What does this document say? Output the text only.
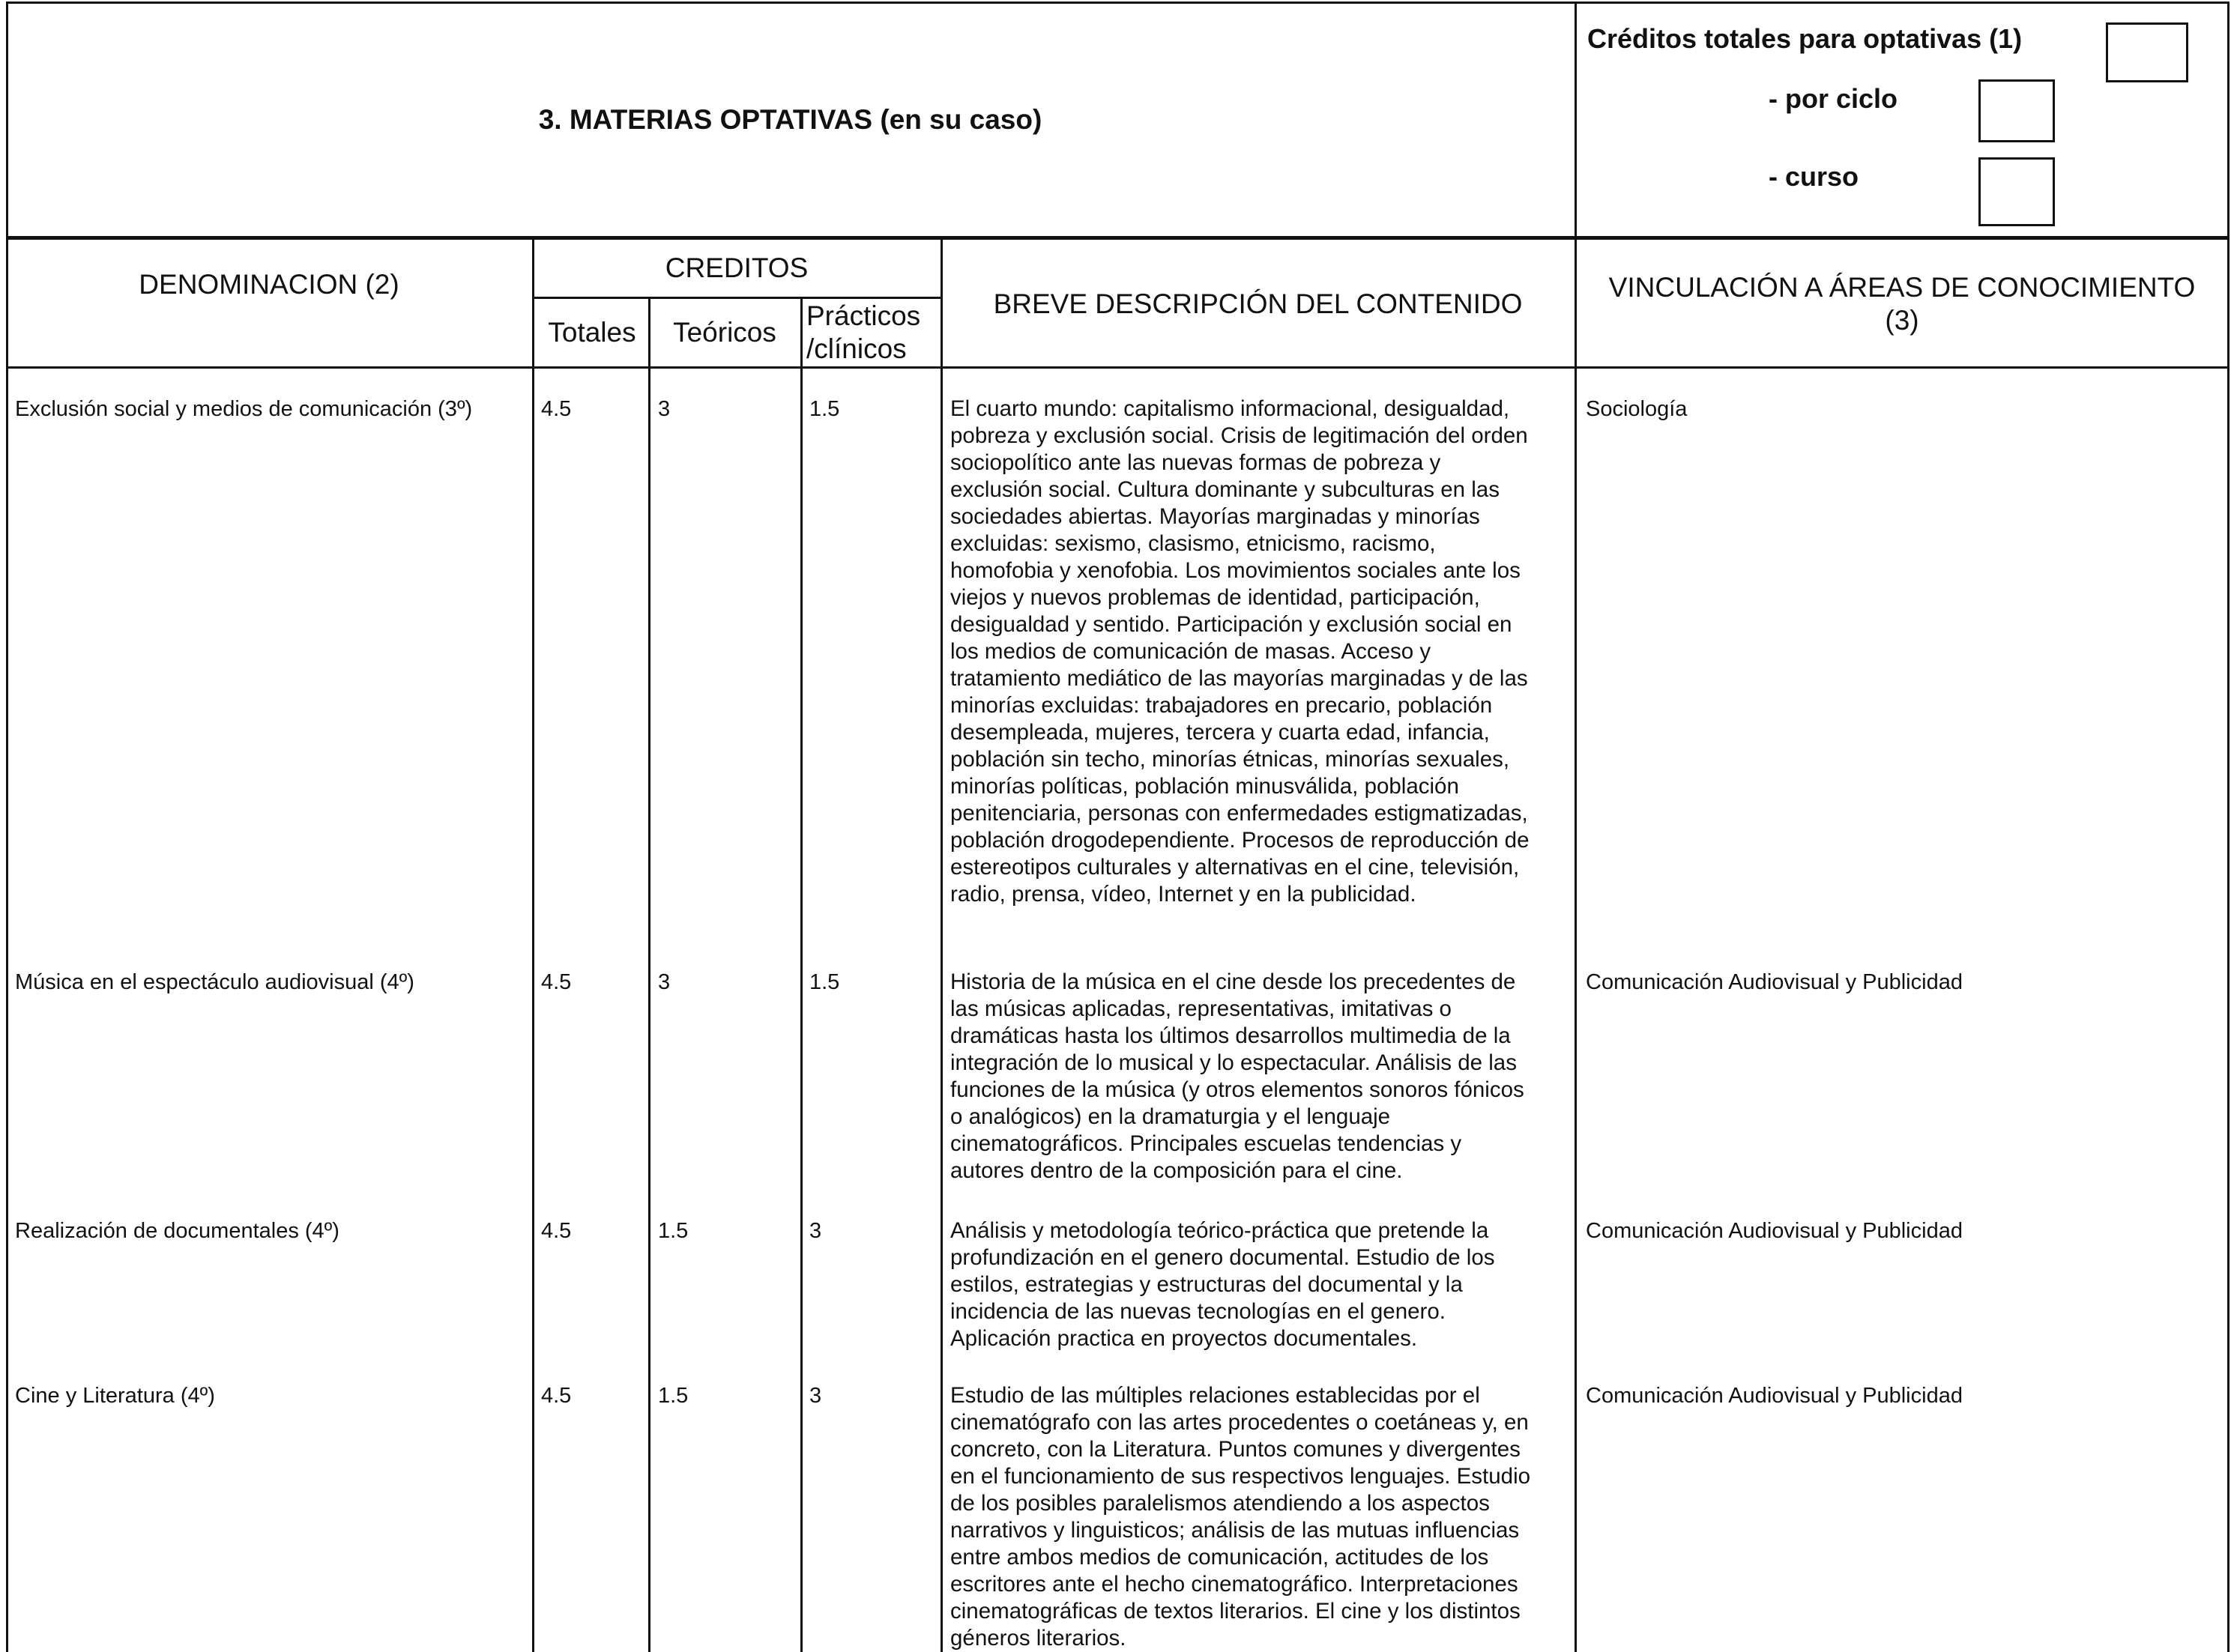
3. MATERIAS OPTATIVAS (en su caso)
Créditos totales para optativas (1)
- por ciclo
- curso
DENOMINACION (2)
CREDITOS
Totales	Teóricos
Prácticos
/clínicos
BREVE DESCRIPCIÓN DEL CONTENIDO
VINCULACIÓN A ÁREAS DE CONOCIMIENTO
(3)
Exclusión social y medios de comunicación (3º)	4.5	3	1.5	El cuarto mundo: capitalismo informacional, desigualdad,
pobreza y exclusión social. Crisis de legitimación del orden
sociopolítico ante las nuevas formas de pobreza y
exclusión social. Cultura dominante y subculturas en las
sociedades abiertas. Mayorías marginadas y minorías
excluidas: sexismo, clasismo, etnicismo, racismo,
homofobia y xenofobia. Los movimientos sociales ante los
viejos y nuevos problemas de identidad, participación,
desigualdad y sentido. Participación y exclusión social en
los medios de comunicación de masas. Acceso y
tratamiento mediático de las mayorías marginadas y de las
minorías excluidas: trabajadores en precario, población
desempleada, mujeres, tercera y cuarta edad, infancia,
población sin techo, minorías étnicas, minorías sexuales,
minorías políticas, población minusválida, población
penitenciaria, personas con enfermedades estigmatizadas,
población drogodependiente. Procesos de reproducción de
estereotipos culturales y alternativas en el cine, televisión,
radio, prensa, vídeo, Internet y en la publicidad.
Sociología
Música en el espectáculo audiovisual (4º)	4.5	3	1.5	Historia de la música en el cine desde los precedentes de
las músicas aplicadas, representativas, imitativas o
dramáticas hasta los últimos desarrollos multimedia de la
integración de lo musical y lo espectacular. Análisis de las
funciones de la música (y otros elementos sonoros fónicos
o analógicos) en la dramaturgia y el lenguaje
cinematográficos. Principales escuelas tendencias y
autores dentro de la composición para el cine.
Comunicación Audiovisual y Publicidad
Realización de documentales (4º)	4.5	1.5	3	Análisis y metodología teórico-práctica que pretende la
profundización en el genero documental. Estudio de los
estilos, estrategias y estructuras del documental y la
incidencia de las nuevas tecnologías en el genero.
Aplicación practica en proyectos documentales.
Comunicación Audiovisual y Publicidad
Cine y Literatura (4º)	4.5	1.5	3	Estudio de las múltiples relaciones establecidas por el
cinematógrafo con las artes procedentes o coetáneas y, en
concreto, con la Literatura. Puntos comunes y divergentes
en el funcionamiento de sus respectivos lenguajes. Estudio
de los posibles paralelismos atendiendo a los aspectos
narrativos y linguisticos; análisis de las mutuas influencias
entre ambos medios de comunicación, actitudes de los
escritores ante el hecho cinematográfico. Interpretaciones
cinematográficas de textos literarios. El cine y los distintos
géneros literarios.
Comunicación Audiovisual y Publicidad
